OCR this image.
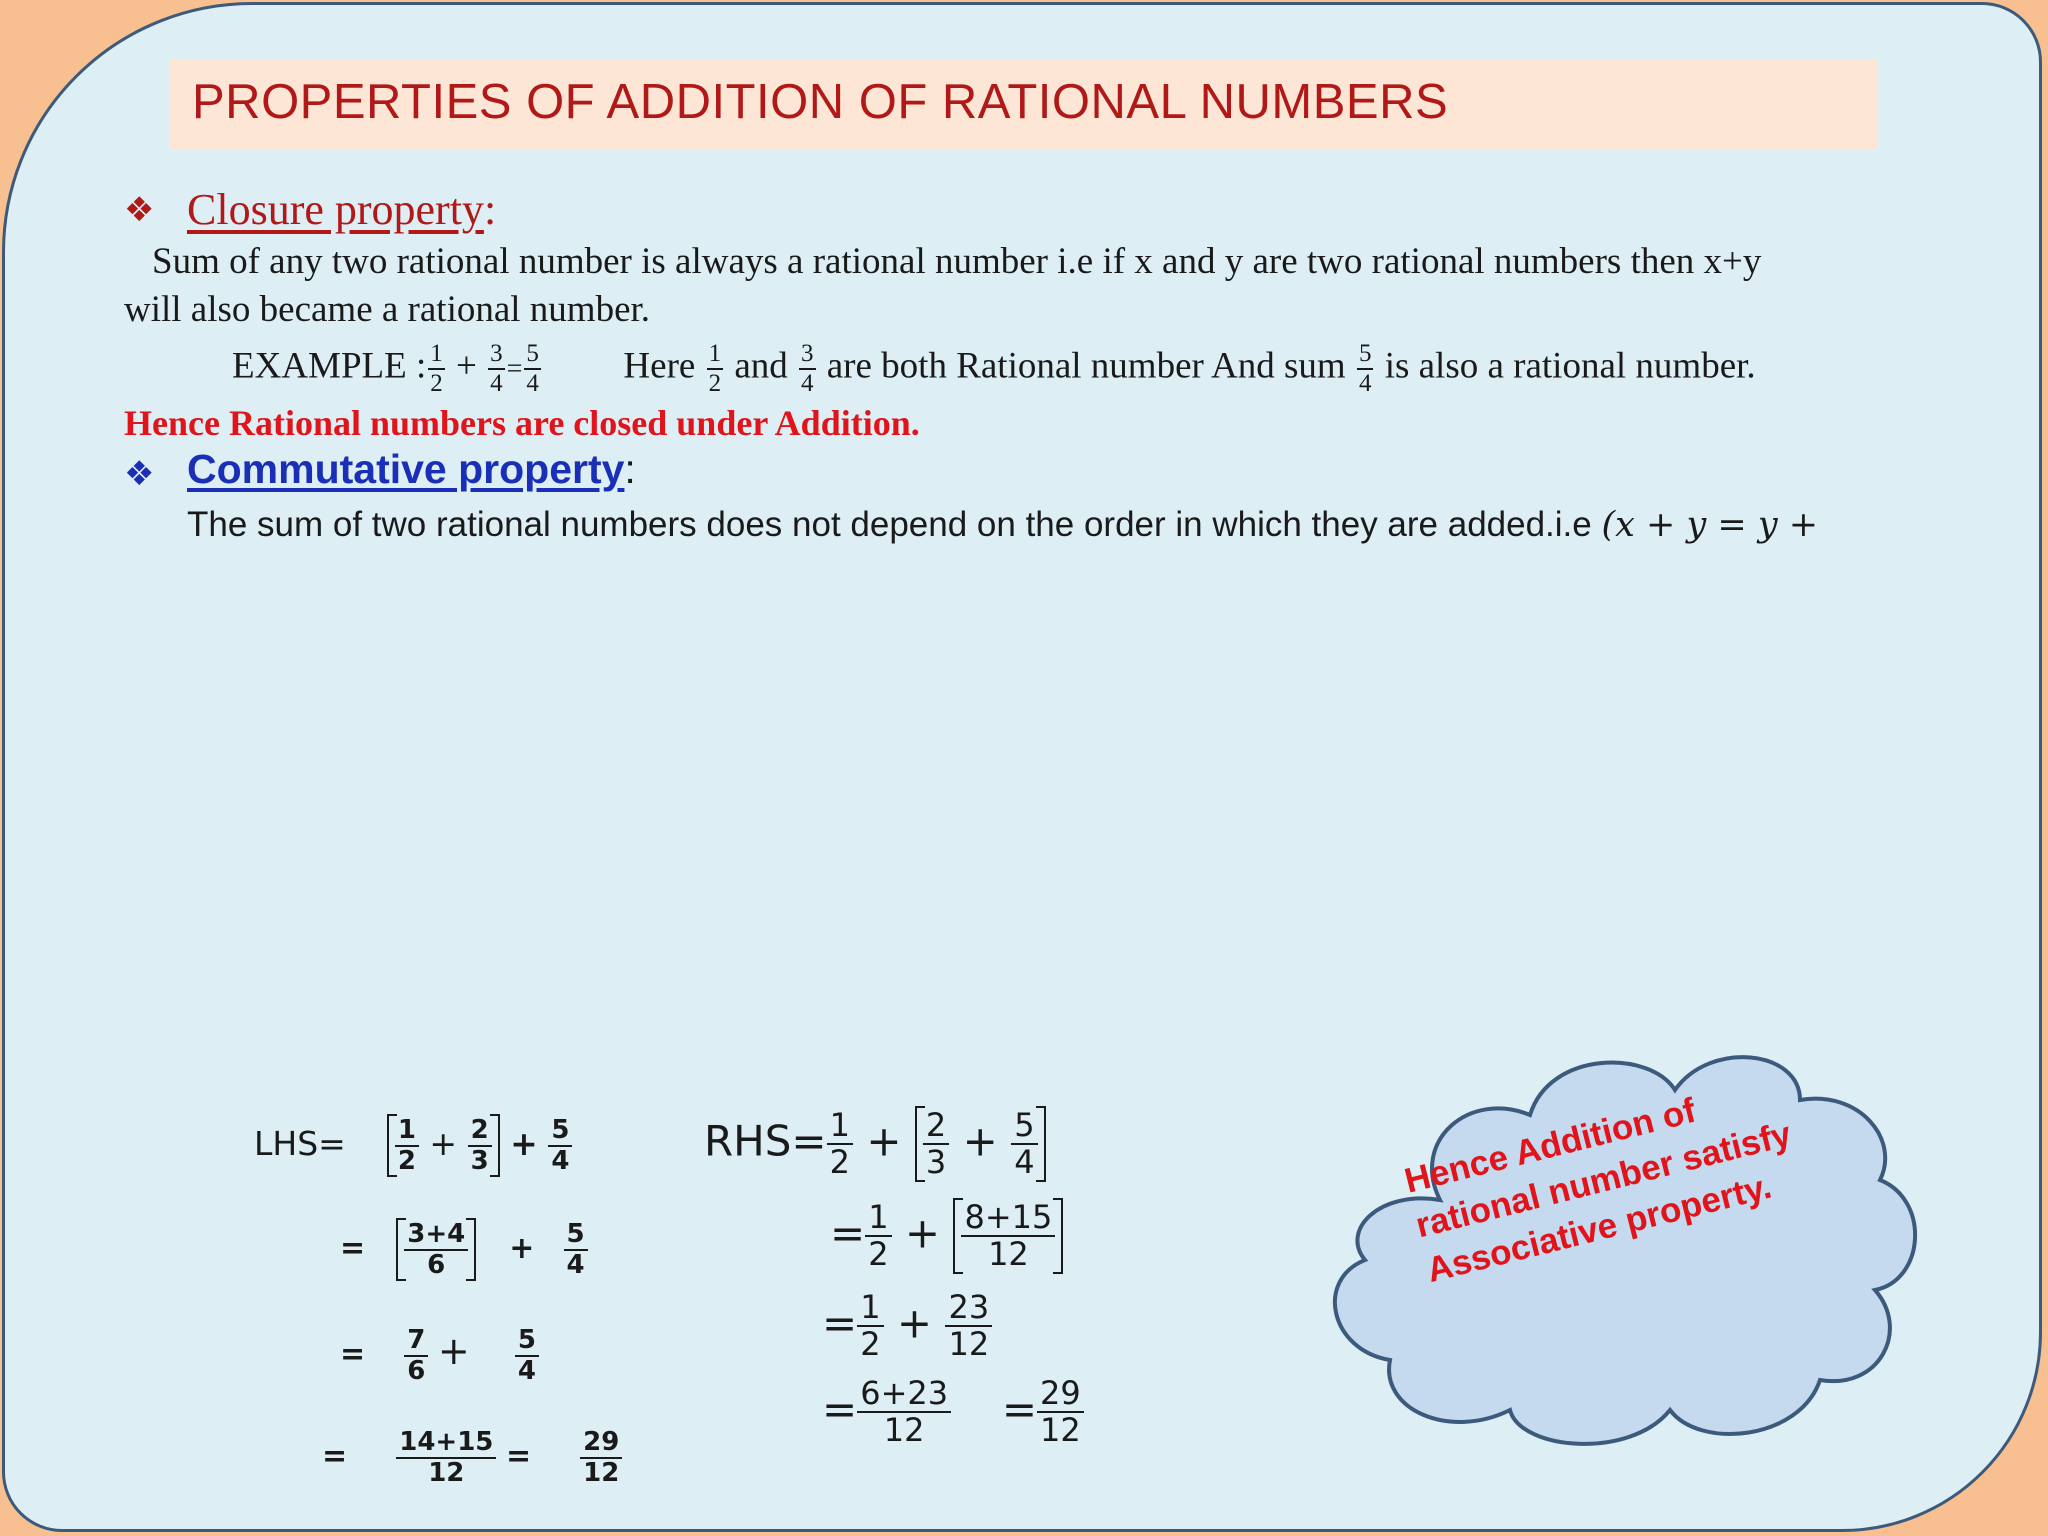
PROPERTIES OF ADDITION OF RATIONAL NUMBERS
❖ Closure property:
Sum of any two rational number is always a rational number i.e if x and y are two rational numbers then x+y
will also became a rational number.
EXAMPLE : $\frac{1}{2} + \frac{3}{4} = \frac{5}{4}$ Here $\frac{1}{2}$ and $\frac{3}{4}$ are both Rational number And sum $\frac{5}{4}$ is also a rational number.
Hence Rational numbers are closed under Addition.
❖ Commutative property:
The sum of two rational numbers does not depend on the order in which they are added.i.e (x + y = y +
$LHS= \frac{1}{2} + \frac{2}{3} + \frac{5}{4}$
= $\frac{3+4}{6} + \frac{5}{4}$
= $\frac{7}{6} + \frac{5}{4}$
= $\frac{14+15}{12} = \frac{29}{12}$
$RHS= \frac{1}{2} + \frac{2}{3} + \frac{5}{4}$
= $\frac{1}{2} + \frac{8+15}{12}$
= $\frac{1}{2} + \frac{23}{12}$
= $\frac{6+23}{12} = \frac{29}{12}$
Hence Addition of rational number satisfy Associative property.
